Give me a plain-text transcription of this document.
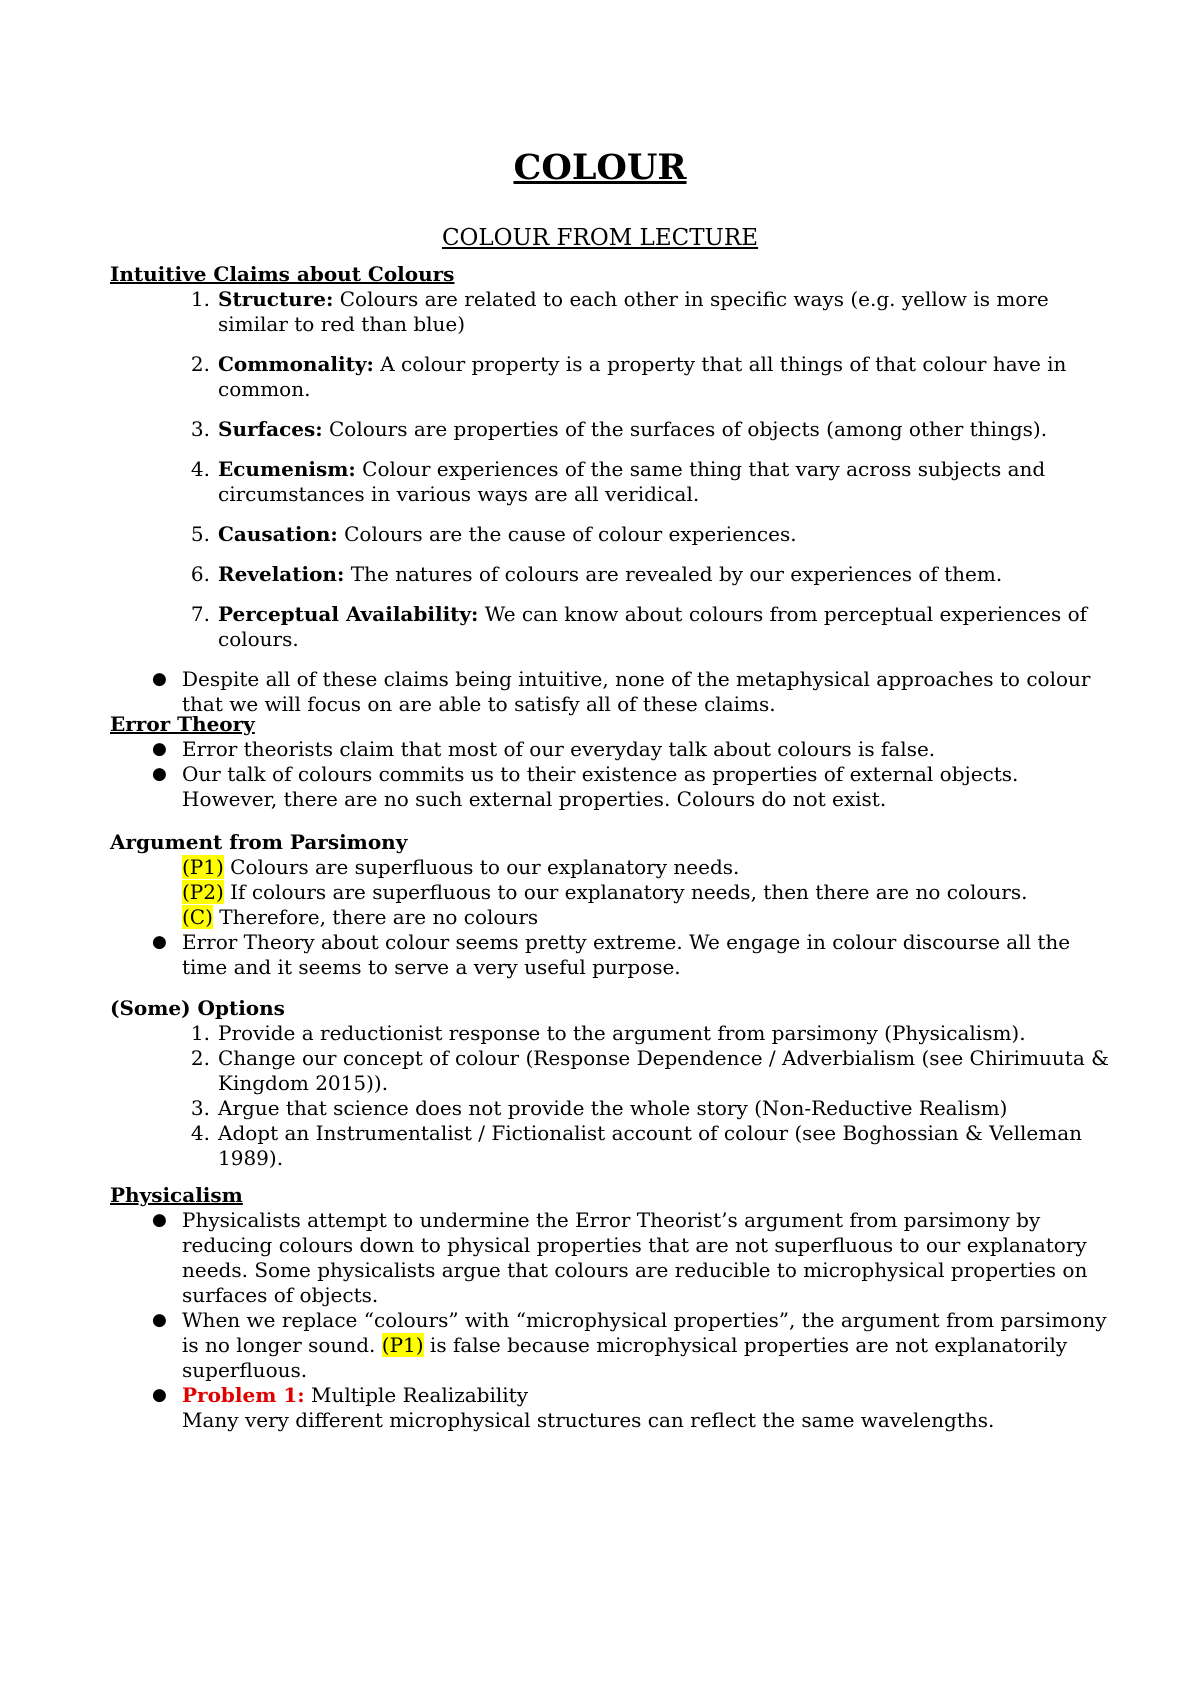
COLOUR
COLOUR FROM LECTURE
Intuitive Claims about Colours
1. Structure: Colours are related to each other in specific ways (e.g. yellow is more similar to red than blue)
2. Commonality: A colour property is a property that all things of that colour have in common.
3. Surfaces: Colours are properties of the surfaces of objects (among other things).
4. Ecumenism: Colour experiences of the same thing that vary across subjects and circumstances in various ways are all veridical.
5. Causation: Colours are the cause of colour experiences.
6. Revelation: The natures of colours are revealed by our experiences of them.
7. Perceptual Availability: We can know about colours from perceptual experiences of colours.
● Despite all of these claims being intuitive, none of the metaphysical approaches to colour that we will focus on are able to satisfy all of these claims.
Error Theory
● Error theorists claim that most of our everyday talk about colours is false.
● Our talk of colours commits us to their existence as properties of external objects. However, there are no such external properties. Colours do not exist.
Argument from Parsimony
(P1) Colours are superfluous to our explanatory needs.
(P2) If colours are superfluous to our explanatory needs, then there are no colours.
(C) Therefore, there are no colours
● Error Theory about colour seems pretty extreme. We engage in colour discourse all the time and it seems to serve a very useful purpose.
(Some) Options
1. Provide a reductionist response to the argument from parsimony (Physicalism).
2. Change our concept of colour (Response Dependence / Adverbialism (see Chirimuuta & Kingdom 2015)).
3. Argue that science does not provide the whole story (Non-Reductive Realism)
4. Adopt an Instrumentalist / Fictionalist account of colour (see Boghossian & Velleman 1989).
Physicalism
● Physicalists attempt to undermine the Error Theorist’s argument from parsimony by reducing colours down to physical properties that are not superfluous to our explanatory needs. Some physicalists argue that colours are reducible to microphysical properties on surfaces of objects.
● When we replace “colours” with “microphysical properties”, the argument from parsimony is no longer sound. (P1) is false because microphysical properties are not explanatorily superfluous.
● Problem 1: Multiple Realizability
Many very different microphysical structures can reflect the same wavelengths.
